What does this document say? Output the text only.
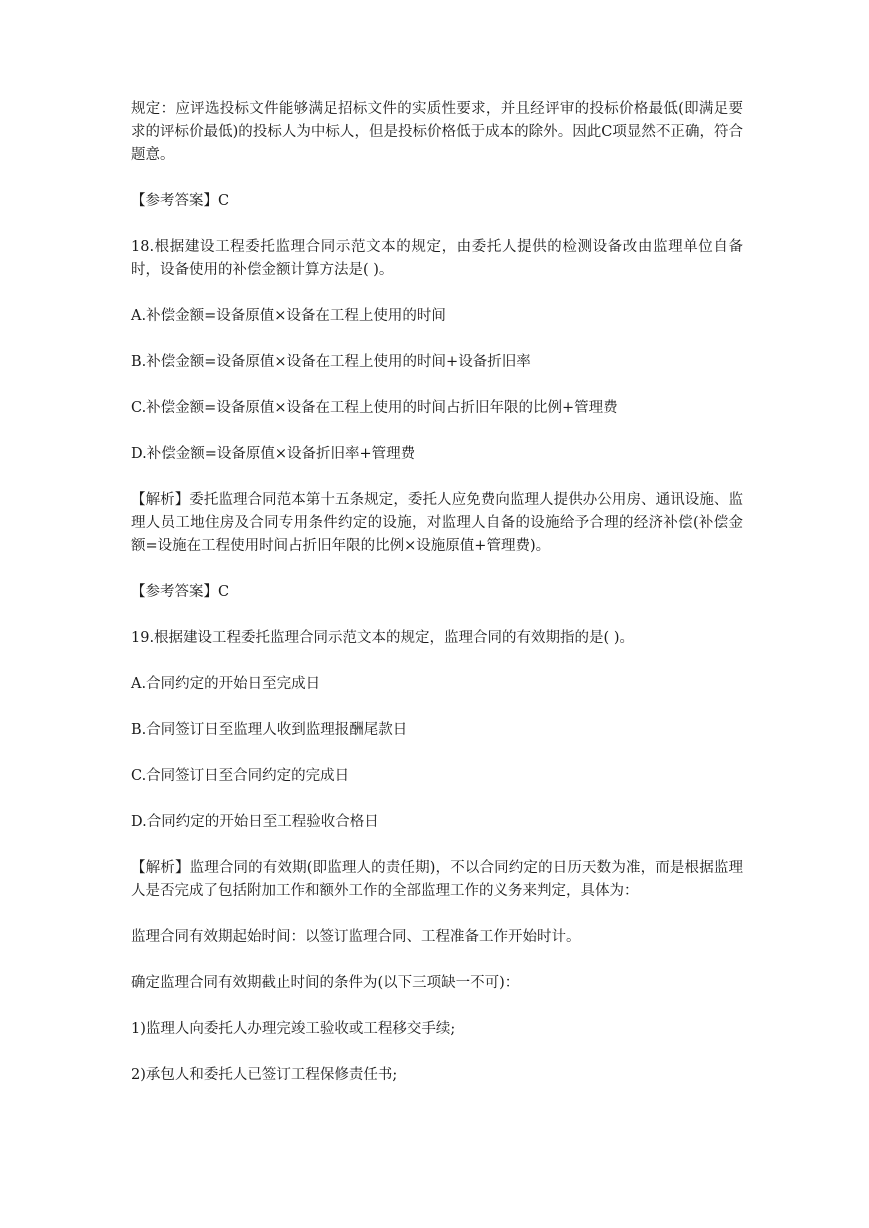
规定：应评选投标文件能够满足招标文件的实质性要求，并且经评审的投标价格最低(即满足要求的评标价最低)的投标人为中标人，但是投标价格低于成本的除外。因此C项显然不正确，符合题意。

【参考答案】C

18.根据建设工程委托监理合同示范文本的规定，由委托人提供的检测设备改由监理单位自备时，设备使用的补偿金额计算方法是( )。

A.补偿金额=设备原值×设备在工程上使用的时间

B.补偿金额=设备原值×设备在工程上使用的时间+设备折旧率

C.补偿金额=设备原值×设备在工程上使用的时间占折旧年限的比例+管理费

D.补偿金额=设备原值×设备折旧率+管理费

【解析】委托监理合同范本第十五条规定，委托人应免费向监理人提供办公用房、通讯设施、监理人员工地住房及合同专用条件约定的设施，对监理人自备的设施给予合理的经济补偿(补偿金额=设施在工程使用时间占折旧年限的比例×设施原值+管理费)。

【参考答案】C

19.根据建设工程委托监理合同示范文本的规定，监理合同的有效期指的是( )。

A.合同约定的开始日至完成日

B.合同签订日至监理人收到监理报酬尾款日

C.合同签订日至合同约定的完成日

D.合同约定的开始日至工程验收合格日

【解析】监理合同的有效期(即监理人的责任期)，不以合同约定的日历天数为准，而是根据监理人是否完成了包括附加工作和额外工作的全部监理工作的义务来判定，具体为：

监理合同有效期起始时间：以签订监理合同、工程准备工作开始时计。

确定监理合同有效期截止时间的条件为(以下三项缺一不可)：

1)监理人向委托人办理完竣工验收或工程移交手续;

2)承包人和委托人已签订工程保修责任书;
